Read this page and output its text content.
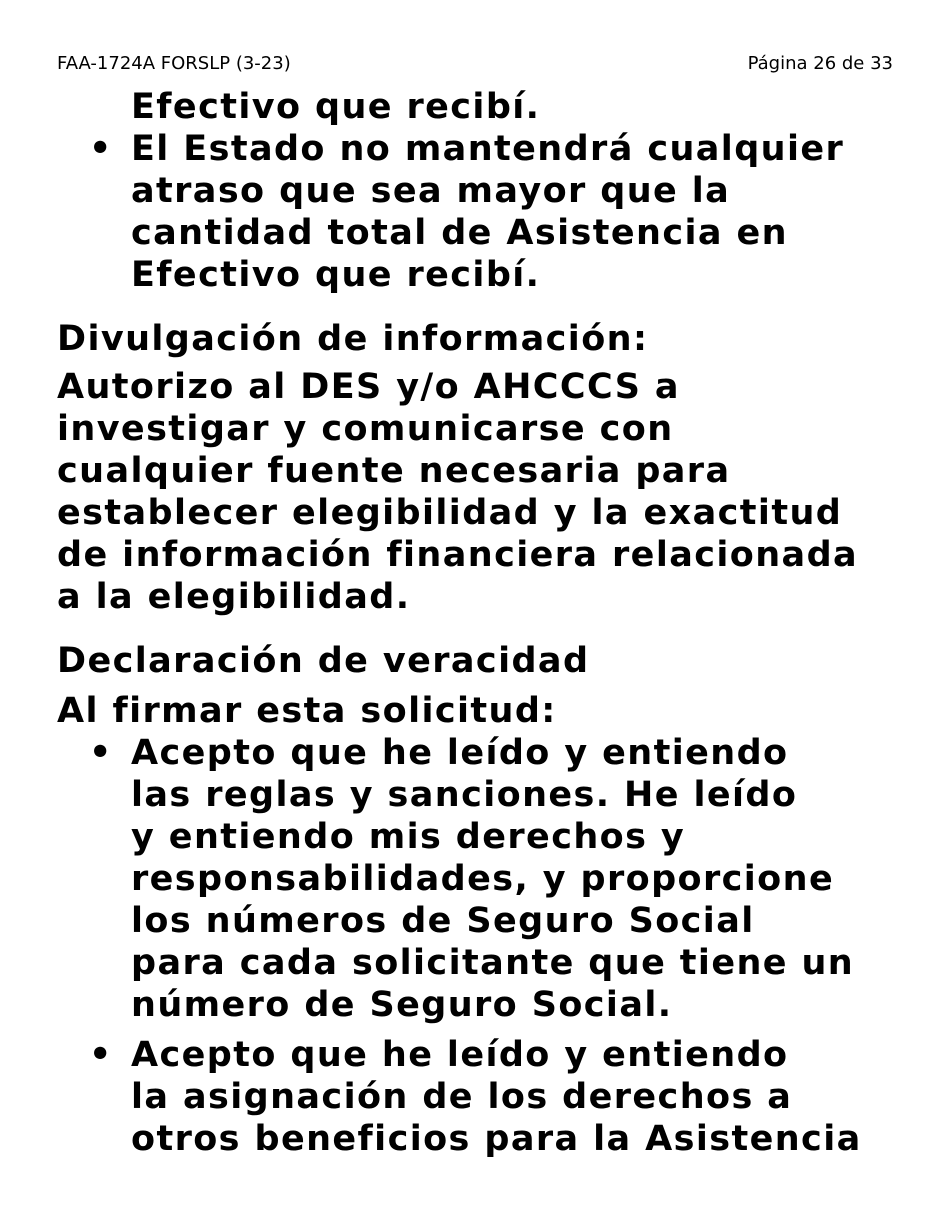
FAA-1724A FORSLP (3-23)	Página 26 de 33
Efectivo que recibí.
• El Estado no mantendrá cualquier
atraso que sea mayor que la
cantidad total de Asistencia en
Efectivo que recibí.
Divulgación de información:
Autorizo al DES y/o AHCCCS a
investigar y comunicarse con
cualquier fuente necesaria para
establecer elegibilidad y la exactitud
de información financiera relacionada
a la elegibilidad.
Declaración de veracidad
Al firmar esta solicitud:
• Acepto que he leído y entiendo
las reglas y sanciones. He leído
y entiendo mis derechos y
responsabilidades, y proporcione
los números de Seguro Social
para cada solicitante que tiene un
número de Seguro Social.
• Acepto que he leído y entiendo
la asignación de los derechos a
otros beneficios para la Asistencia
